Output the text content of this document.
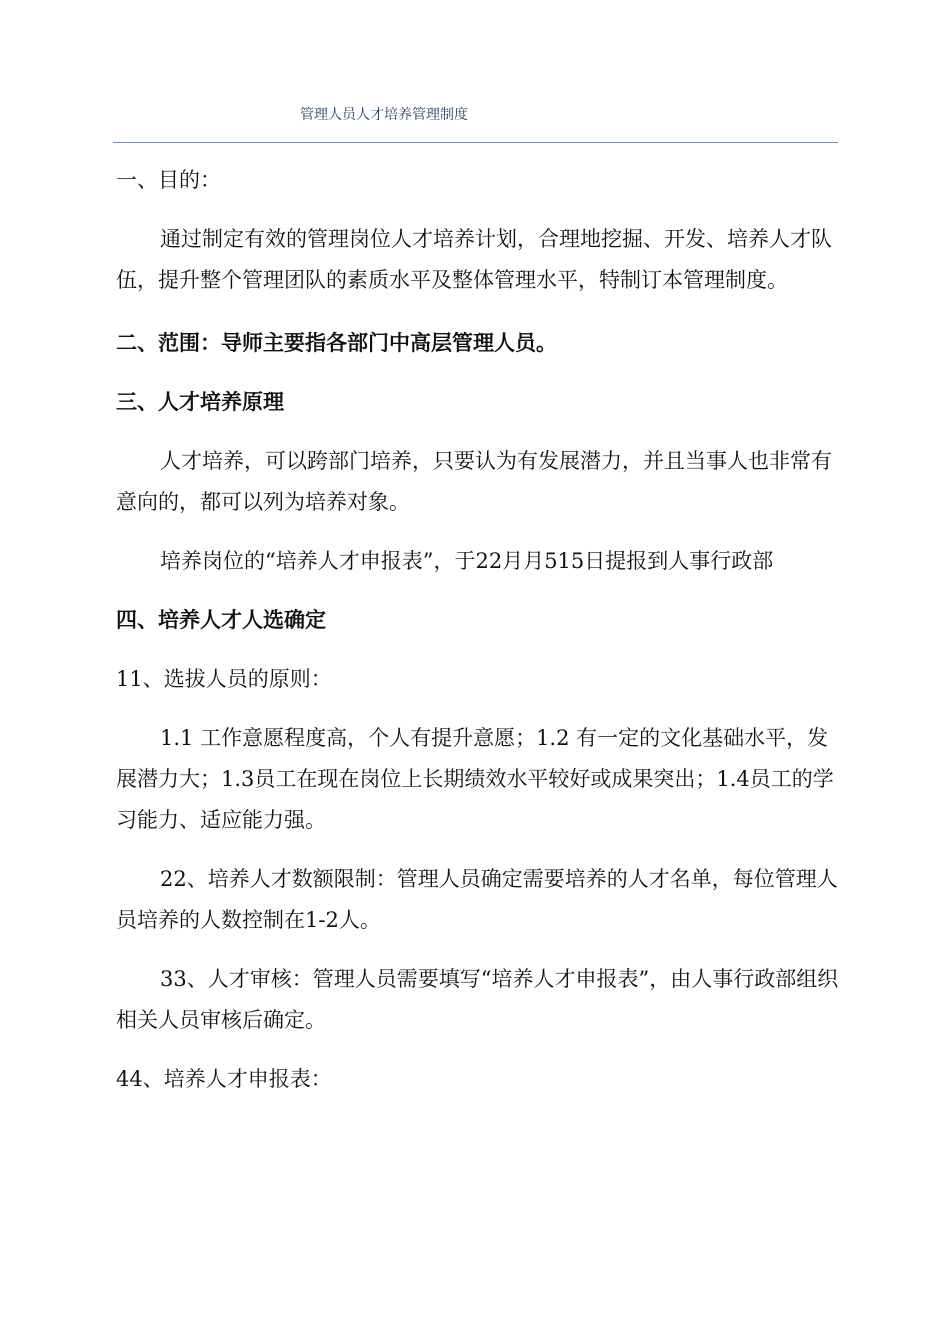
管理人员人才培养管理制度

一、目的：

通过制定有效的管理岗位人才培养计划，合理地挖掘、开发、培养人才队伍，提升整个管理团队的素质水平及整体管理水平，特制订本管理制度。

二、范围：导师主要指各部门中高层管理人员。

三、人才培养原理

人才培养，可以跨部门培养，只要认为有发展潜力，并且当事人也非常有意向的，都可以列为培养对象。

培养岗位的“培养人才申报表”，于22月月515日提报到人事行政部

四、培养人才人选确定

11、选拔人员的原则：

1.1 工作意愿程度高，个人有提升意愿；1.2 有一定的文化基础水平，发展潜力大；1.3员工在现在岗位上长期绩效水平较好或成果突出；1.4员工的学习能力、适应能力强。

22、培养人才数额限制：管理人员确定需要培养的人才名单，每位管理人员培养的人数控制在1-2人。

33、人才审核：管理人员需要填写“培养人才申报表”，由人事行政部组织相关人员审核后确定。

44、培养人才申报表：
